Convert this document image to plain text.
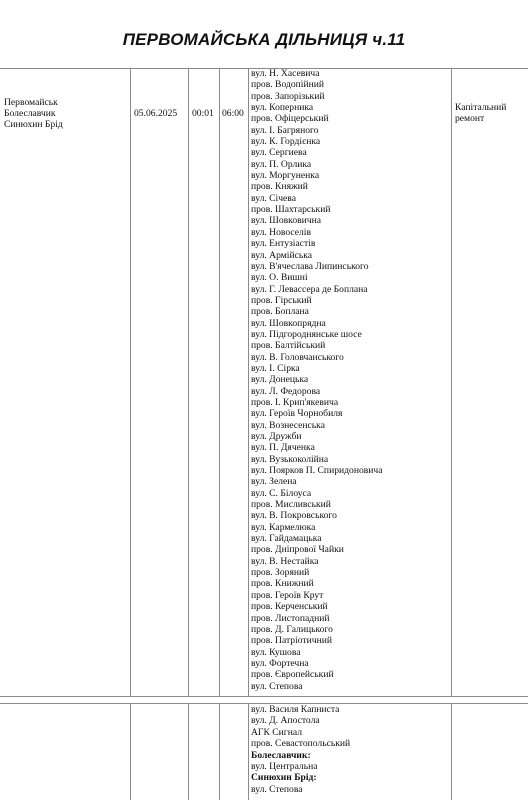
ПЕРВОМАЙСЬКА ДІЛЬНИЦЯ ч.11
Первомайськ
Болеславчик
Синюхин Брід
05.06.2025 00:01 06:00
Капітальний
ремонт
вул. Н. Хасевича
пров. Водопійний
пров. Запорізький
вул. Коперника
пров. Офіцерський
вул. І. Багряного
вул. К. Гордієнка
вул. Сергиева
вул. П. Орлика
вул. Моргуненка
пров. Княжий
вул. Січева
пров. Шахтарський
вул. Шовковична
вул. Новоселів
вул. Ентузіастів
вул. Армійська
вул. В'ячеслава Липинського
вул. О. Вишні
вул. Г. Левассера де Боплана
пров. Гірський
пров. Боплана
вул. Шовкопрядна
вул. Підгороднянське шосе
пров. Балтійський
вул. В. Головчанського
вул. І. Сірка
вул. Донецька
вул. Л. Федорова
пров. І. Крип'якевича
вул. Героїв Чорнобиля
вул. Вознесенська
вул. Дружби
вул. П. Дяченка
вул. Вузькоколійна
вул. Поярков П. Спиридоновича
вул. Зелена
вул. С. Білоуса
пров. Мисливський
вул. В. Покровського
вул. Кармелюка
вул. Гайдамацька
пров. Дніпрової Чайки
вул. В. Нестайка
пров. Зоряний
пров. Книжний
пров. Героїв Крут
пров. Керченський
пров. Листопадний
пров. Д. Галицького
пров. Патріотичний
вул. Кушова
вул. Фортечна
пров. Європейський
вул. Степова
вул. Василя Капниста
вул. Д. Апостола
АГК Сигнал
пров. Севастопольський
Болеславчик:
вул. Центральна
Синюхин Брід:
вул. Степова
